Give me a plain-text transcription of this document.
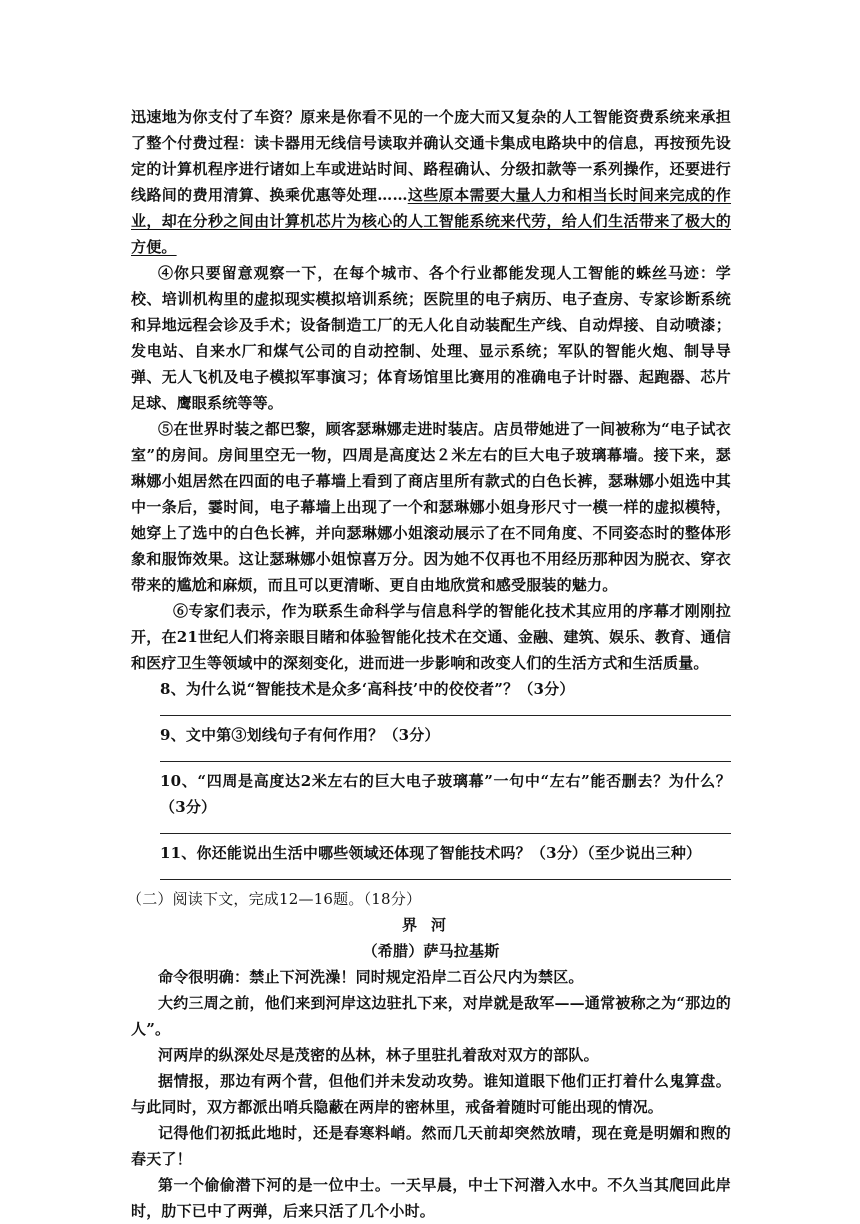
迅速地为你支付了车资？原来是你看不见的一个庞大而又复杂的人工智能资费系统来承担了整个付费过程：读卡器用无线信号读取并确认交通卡集成电路块中的信息，再按预先设定的计算机程序进行诸如上车或进站时间、路程确认、分级扣款等一系列操作，还要进行线路间的费用清算、换乘优惠等处理……这些原本需要大量人力和相当长时间来完成的作业，却在分秒之间由计算机芯片为核心的人工智能系统来代劳，给人们生活带来了极大的方便。

④你只要留意观察一下，在每个城市、各个行业都能发现人工智能的蛛丝马迹：学校、培训机构里的虚拟现实模拟培训系统；医院里的电子病历、电子查房、专家诊断系统和异地远程会诊及手术；设备制造工厂的无人化自动装配生产线、自动焊接、自动喷漆；发电站、自来水厂和煤气公司的自动控制、处理、显示系统；军队的智能火炮、制导导弹、无人飞机及电子模拟军事演习；体育场馆里比赛用的准确电子计时器、起跑器、芯片足球、鹰眼系统等等。

⑤在世界时装之都巴黎，顾客瑟琳娜走进时装店。店员带她进了一间被称为“电子试衣室”的房间。房间里空无一物，四周是高度达２米左右的巨大电子玻璃幕墙。接下来，瑟琳娜小姐居然在四面的电子幕墙上看到了商店里所有款式的白色长裤，瑟琳娜小姐选中其中一条后，霎时间，电子幕墙上出现了一个和瑟琳娜小姐身形尺寸一模一样的虚拟模特，她穿上了选中的白色长裤，并向瑟琳娜小姐滚动展示了在不同角度、不同姿态时的整体形象和服饰效果。这让瑟琳娜小姐惊喜万分。因为她不仅再也不用经历那种因为脱衣、穿衣带来的尴尬和麻烦，而且可以更清晰、更自由地欣赏和感受服装的魅力。

⑥专家们表示，作为联系生命科学与信息科学的智能化技术其应用的序幕才刚刚拉开，在21世纪人们将亲眼目睹和体验智能化技术在交通、金融、建筑、娱乐、教育、通信和医疗卫生等领域中的深刻变化，进而进一步影响和改变人们的生活方式和生活质量。

8、为什么说“智能技术是众多‘高科技’中的佼佼者”？（3分）

9、文中第③划线句子有何作用？（3分）

10、“四周是高度达2米左右的巨大电子玻璃幕”一句中“左右”能否删去？为什么？（3分）

11、你还能说出生活中哪些领域还体现了智能技术吗？（3分）（至少说出三种）

（二）阅读下文，完成12—16题。（18分）

界河

（希腊）萨马拉基斯

命令很明确：禁止下河洗澡！同时规定沿岸二百公尺内为禁区。

大约三周之前，他们来到河岸这边驻扎下来，对岸就是敌军——通常被称之为“那边的人”。

河两岸的纵深处尽是茂密的丛林，林子里驻扎着敌对双方的部队。

据情报，那边有两个营，但他们并未发动攻势。谁知道眼下他们正打着什么鬼算盘。与此同时，双方都派出哨兵隐蔽在两岸的密林里，戒备着随时可能出现的情况。

记得他们初抵此地时，还是春寒料峭。然而几天前却突然放晴，现在竟是明媚和煦的春天了！

第一个偷偷潜下河的是一位中士。一天早晨，中士下河潜入水中。不久当其爬回此岸时，肋下已中了两弹，后来只活了几个小时。
